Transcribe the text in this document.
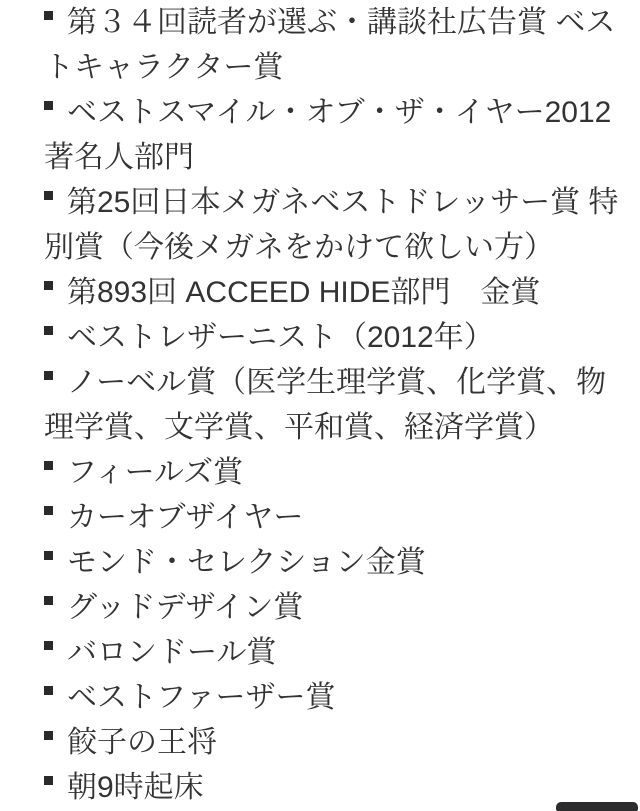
第３４回読者が選ぶ・講談社広告賞 ベストキャラクター賞
ベストスマイル・オブ・ザ・イヤー2012 著名人部門
第25回日本メガネベストドレッサー賞 特別賞（今後メガネをかけて欲しい方）
第893回 ACCEED HIDE部門　金賞
ベストレザーニスト（2012年）
ノーベル賞（医学生理学賞、化学賞、物理学賞、文学賞、平和賞、経済学賞）
フィールズ賞
カーオブザイヤー
モンド・セレクション金賞
グッドデザイン賞
バロンドール賞
ベストファーザー賞
餃子の王将
朝9時起床
